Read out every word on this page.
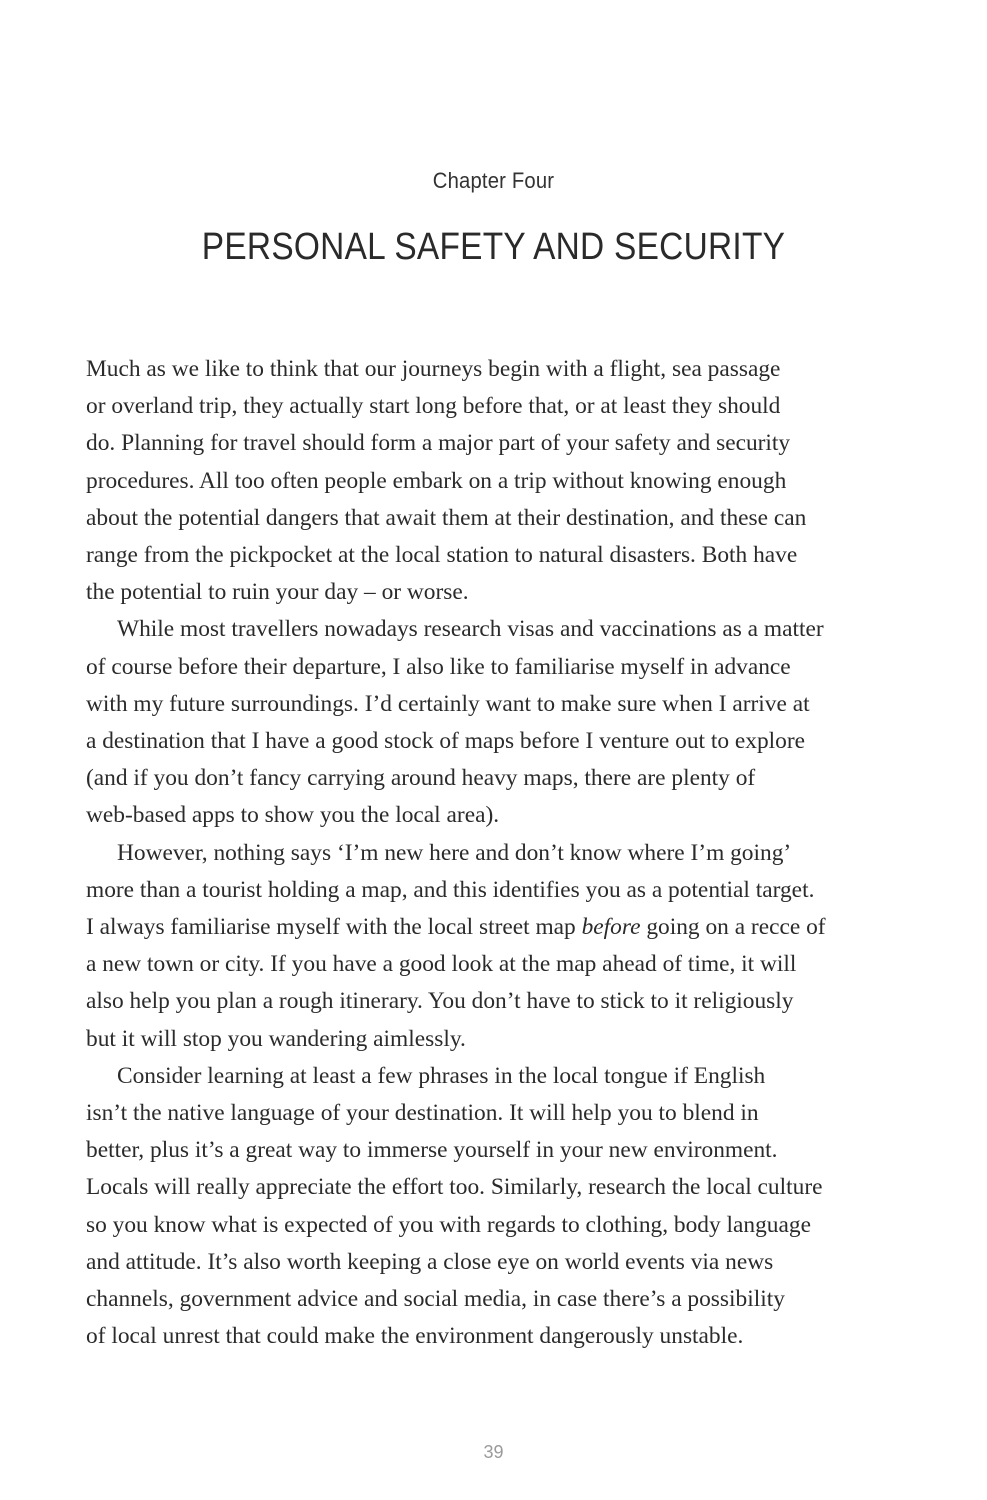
Chapter Four
PERSONAL SAFETY AND SECURITY

Much as we like to think that our journeys begin with a flight, sea passage
or overland trip, they actually start long before that, or at least they should
do. Planning for travel should form a major part of your safety and security
procedures. All too often people embark on a trip without knowing enough
about the potential dangers that await them at their destination, and these can
range from the pickpocket at the local station to natural disasters. Both have
the potential to ruin your day – or worse.

While most travellers nowadays research visas and vaccinations as a matter
of course before their departure, I also like to familiarise myself in advance
with my future surroundings. I’d certainly want to make sure when I arrive at
a destination that I have a good stock of maps before I venture out to explore
(and if you don’t fancy carrying around heavy maps, there are plenty of
web-based apps to show you the local area).

However, nothing says ‘I’m new here and don’t know where I’m going’
more than a tourist holding a map, and this identifies you as a potential target.
I always familiarise myself with the local street map before going on a recce of
a new town or city. If you have a good look at the map ahead of time, it will
also help you plan a rough itinerary. You don’t have to stick to it religiously
but it will stop you wandering aimlessly.

Consider learning at least a few phrases in the local tongue if English
isn’t the native language of your destination. It will help you to blend in
better, plus it’s a great way to immerse yourself in your new environment.
Locals will really appreciate the effort too. Similarly, research the local culture
so you know what is expected of you with regards to clothing, body language
and attitude. It’s also worth keeping a close eye on world events via news
channels, government advice and social media, in case there’s a possibility
of local unrest that could make the environment dangerously unstable.

39
